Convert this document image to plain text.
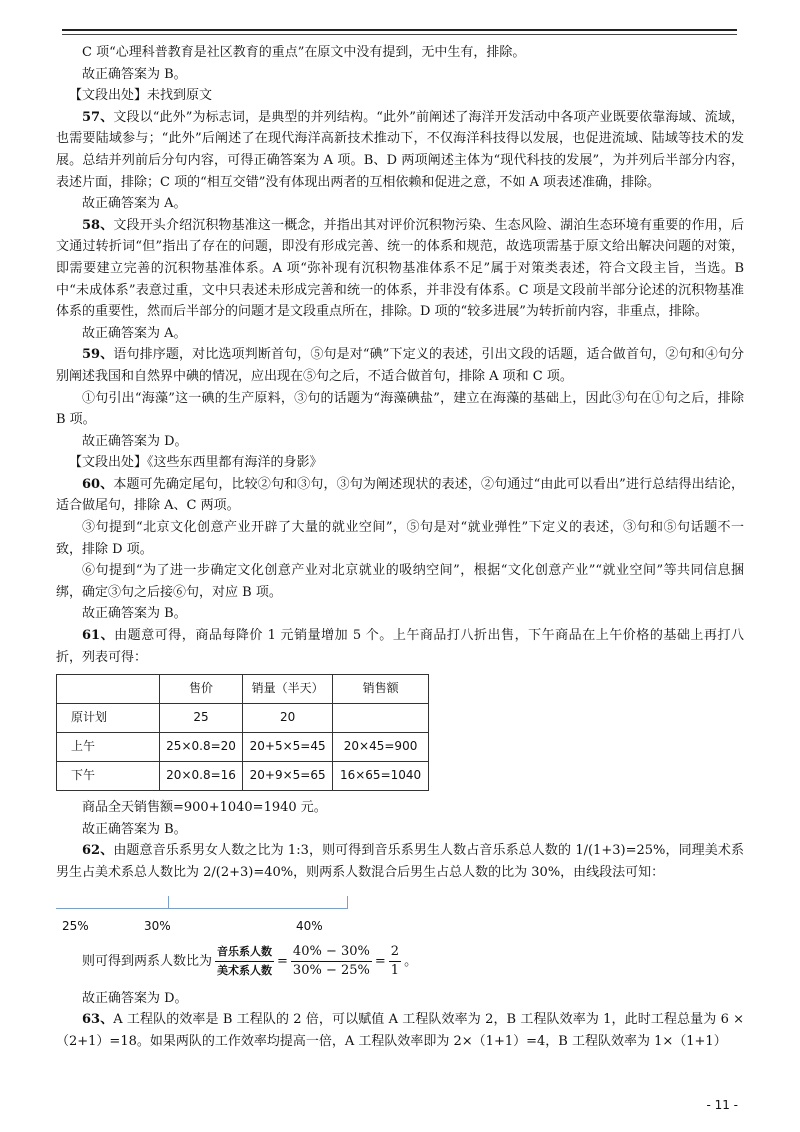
C 项“心理科普教育是社区教育的重点”在原文中没有提到，无中生有，排除。

故正确答案为 B。

【文段出处】未找到原文

57、文段以“此外”为标志词，是典型的并列结构。“此外”前阐述了海洋开发活动中各项产业既要依靠海域、流域，也需要陆域参与；“此外”后阐述了在现代海洋高新技术推动下，不仅海洋科技得以发展，也促进流域、陆域等技术的发展。总结并列前后分句内容，可得正确答案为 A 项。B、D 两项阐述主体为“现代科技的发展”，为并列后半部分内容，表述片面，排除；C 项的“相互交错”没有体现出两者的互相依赖和促进之意，不如 A 项表述准确，排除。

故正确答案为 A。

58、文段开头介绍沉积物基准这一概念，并指出其对评价沉积物污染、生态风险、湖泊生态环境有重要的作用，后文通过转折词“但”指出了存在的问题，即没有形成完善、统一的体系和规范，故选项需基于原文给出解决问题的对策，即需要建立完善的沉积物基准体系。A 项“弥补现有沉积物基准体系不足”属于对策类表述，符合文段主旨，当选。B 中“未成体系”表意过重，文中只表述未形成完善和统一的体系，并非没有体系。C 项是文段前半部分论述的沉积物基准体系的重要性，然而后半部分的问题才是文段重点所在，排除。D 项的“较多进展”为转折前内容，非重点，排除。

故正确答案为 A。

59、语句排序题，对比选项判断首句，⑤句是对“碘”下定义的表述，引出文段的话题，适合做首句，②句和④句分别阐述我国和自然界中碘的情况，应出现在⑤句之后，不适合做首句，排除 A 项和 C 项。

①句引出“海藻”这一碘的生产原料，③句的话题为“海藻碘盐”，建立在海藻的基础上，因此③句在①句之后，排除 B 项。

故正确答案为 D。

【文段出处】《这些东西里都有海洋的身影》

60、本题可先确定尾句，比较②句和③句，③句为阐述现状的表述，②句通过“由此可以看出”进行总结得出结论，适合做尾句，排除 A、C 两项。

③句提到“北京文化创意产业开辟了大量的就业空间”，⑤句是对“就业弹性”下定义的表述，③句和⑤句话题不一致，排除 D 项。

⑥句提到“为了进一步确定文化创意产业对北京就业的吸纳空间”，根据“文化创意产业”“就业空间”等共同信息捆绑，确定③句之后接⑥句，对应 B 项。

故正确答案为 B。

61、由题意可得，商品每降价 1 元销量增加 5 个。上午商品打八折出售，下午商品在上午价格的基础上再打八折，列表可得：

	售价	销量（半天）	销售额
原计划	25	20	
上午	25×0.8=20	20+5×5=45	20×45=900
下午	20×0.8=16	20+9×5=65	16×65=1040

商品全天销售额=900+1040=1940 元。

故正确答案为 B。

62、由题意音乐系男女人数之比为 1:3，则可得到音乐系男生人数占音乐系总人数的 1/(1+3)=25%，同理美术系男生占美术系总人数比为 2/(2+3)=40%，则两系人数混合后男生占总人数的比为 30%，由线段法可知：

25%	30%	40%
则可得到两系人数比为 $\frac{\text{音乐系人数}}{\text{美术系人数}} = \frac{40\% - 30\%}{30\% - 25\%} = \frac{2}{1}$ 。

故正确答案为 D。

63、A 工程队的效率是 B 工程队的 2 倍，可以赋值 A 工程队效率为 2，B 工程队效率为 1，此时工程总量为 6 ×（2+1）=18。如果两队的工作效率均提高一倍，A 工程队效率即为 2×（1+1）=4，B 工程队效率为 1×（1+1）

- 11 -
